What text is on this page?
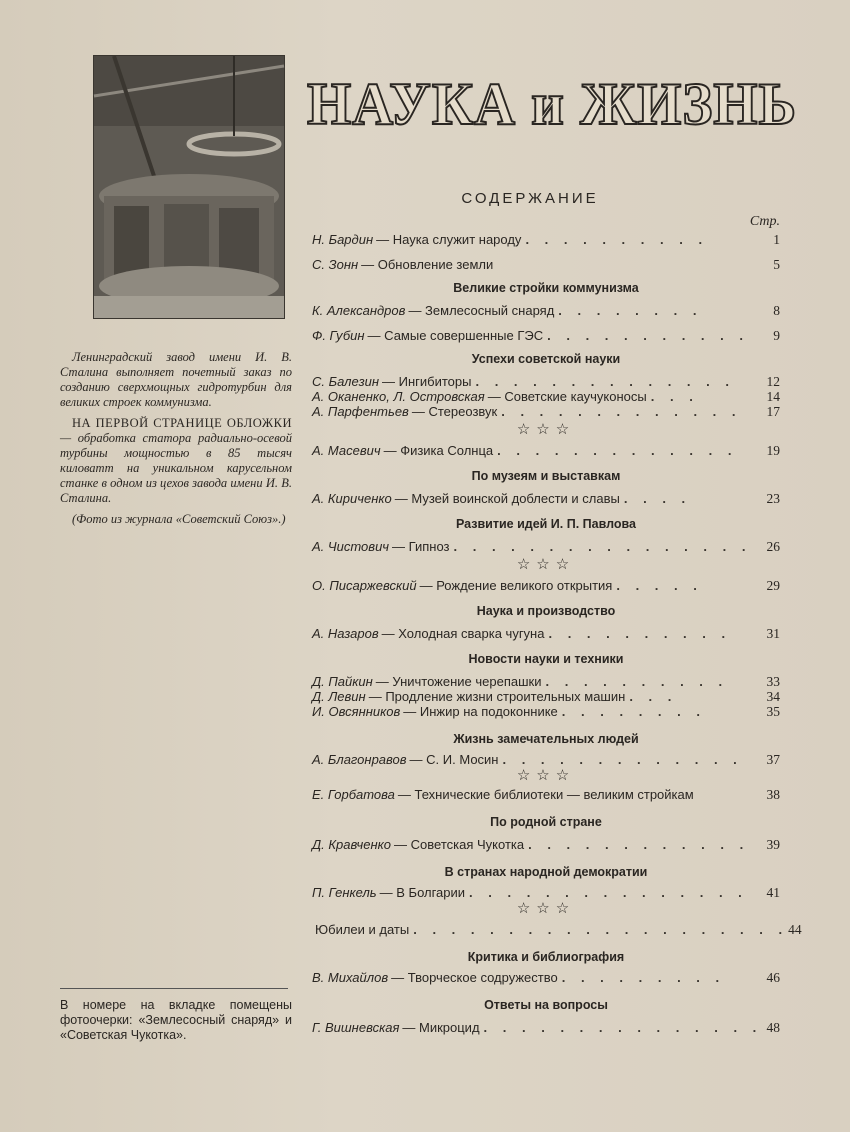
Ленинградский завод имени И. В. Сталина выполняет почетный заказ по созданию сверхмощных гидротурбин для великих строек коммунизма.

НА ПЕРВОЙ СТРАНИЦЕ ОБЛОЖКИ — обработка статора радиально-осевой турбины мощностью в 85 тысяч киловатт на уникальном карусельном станке в одном из цехов завода имени И. В. Сталина.

(Фото из журнала «Советский Союз».)

В номере на вкладке помещены фотоочерки: «Землесосный снаряд» и «Советская Чукотка».
НАУКА и ЖИЗНЬ
СОДЕРЖАНИЕ
Стр.
Н. Бардин — Наука служит народу . . . . . . . . . .	1
С. Зонн — Обновление земли	5
Великие стройки коммунизма
К. Александров — Землесосный снаряд . . . . . . . .	8
Ф. Губин — Самые совершенные ГЭС . . . . . . . . . . .	9
Успехи советской науки
С. Балезин — Ингибиторы . . . . . . . . . . . . . .	12
А. Оканенко, Л. Островская — Советские каучуконосы . . .	14
А. Парфентьев — Стереозвук . . . . . . . . . . . . .	17
☆☆☆
А. Масевич — Физика Солнца . . . . . . . . . . . . .	19
По музеям и выставкам
А. Кириченко — Музей воинской доблести и славы . . . .	23
Развитие идей И. П. Павлова
А. Чистович — Гипноз . . . . . . . . . . . . . . . .	26
☆☆☆
О. Писаржевский — Рождение великого открытия . . . . .	29
Наука и производство
А. Назаров — Холодная сварка чугуна . . . . . . . . . .	31
Новости науки и техники
Д. Пайкин — Уничтожение черепашки . . . . . . . . . .	33
Д. Левин — Продление жизни строительных машин . . .	34
И. Овсянников — Инжир на подоконнике . . . . . . . .	35
Жизнь замечательных людей
А. Благонравов — С. И. Мосин . . . . . . . . . . . . .	37
☆☆☆
Е. Горбатова — Технические библиотеки — великим стройкам	38
По родной стране
Д. Кравченко — Советская Чукотка . . . . . . . . . . . .	39
В странах народной демократии
П. Генкель — В Болгарии . . . . . . . . . . . . . . .	41
☆☆☆
Юбилеи и даты . . . . . . . . . . . . . . . . . . . . 44
Критика и библиография
В. Михайлов — Творческое содружество . . . . . . . . .	46
Ответы на вопросы
Г. Вишневская — Микроцид . . . . . . . . . . . . . . . 48
